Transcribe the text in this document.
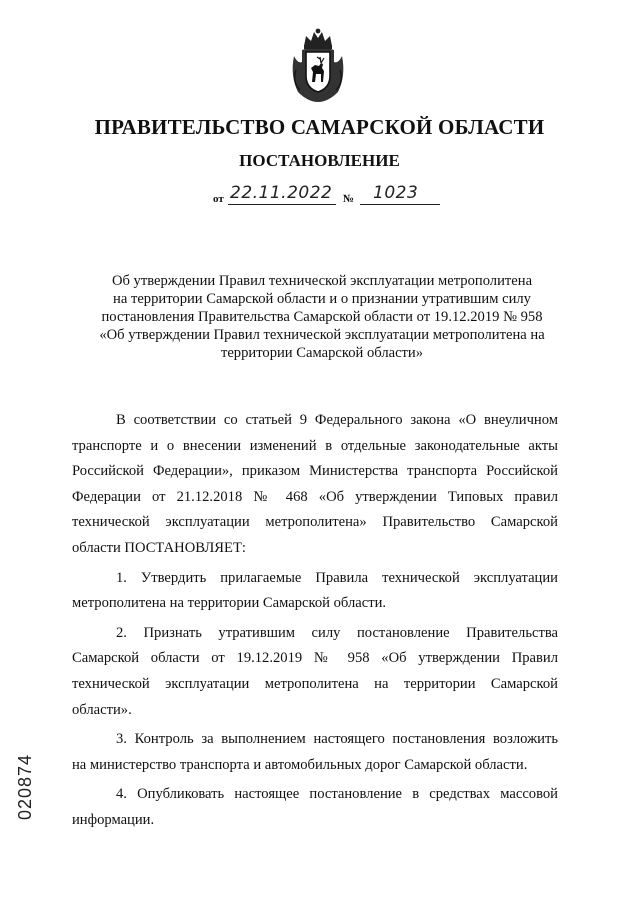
ПРАВИТЕЛЬСТВО САМАРСКОЙ ОБЛАСТИ
ПОСТАНОВЛЕНИЕ
от 22.11.2022 № 1023
Об утверждении Правил технической эксплуатации метрополитена
на территории Самарской области и о признании утратившим силу
постановления Правительства Самарской области от 19.12.2019 № 958
«Об утверждении Правил технической эксплуатации метрополитена на
территории Самарской области»
В соответствии со статьей 9 Федерального закона «О внеуличном
транспорте и о внесении изменений в отдельные законодательные акты
Российской Федерации», приказом Министерства транспорта Российской
Федерации от 21.12.2018 № 468 «Об утверждении Типовых правил
технической эксплуатации метрополитена» Правительство Самарской
области ПОСТАНОВЛЯЕТ:
1. Утвердить прилагаемые Правила технической эксплуатации
метрополитена на территории Самарской области.
2. Признать утратившим силу постановление Правительства
Самарской области от 19.12.2019 № 958 «Об утверждении Правил
технической эксплуатации метрополитена на территории Самарской
области».
3. Контроль за выполнением настоящего постановления возложить
на министерство транспорта и автомобильных дорог Самарской области.
4. Опубликовать настоящее постановление в средствах массовой
информации.
020874
